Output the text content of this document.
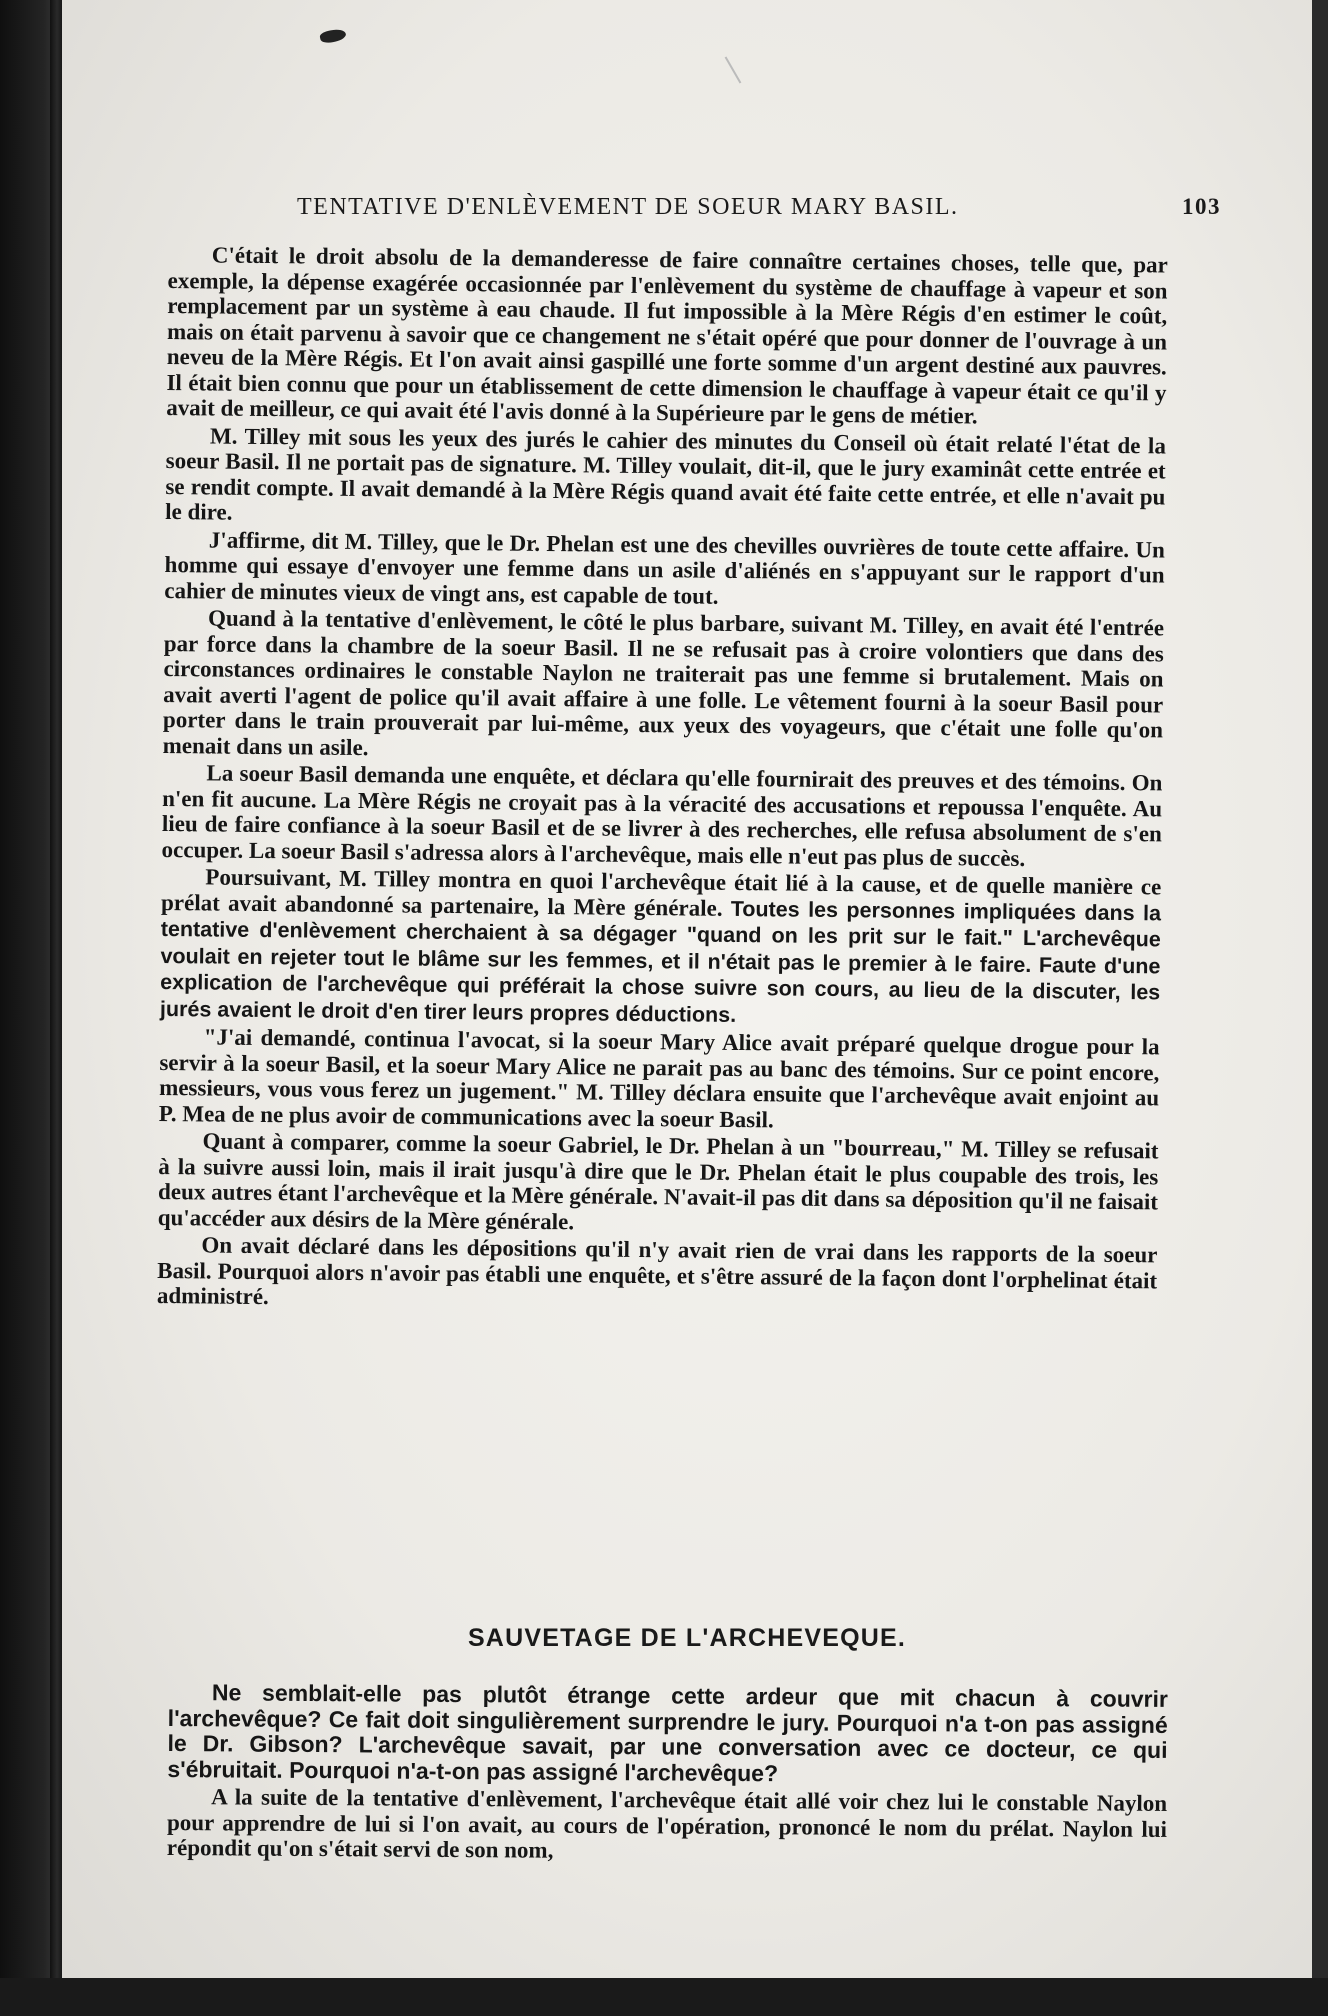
TENTATIVE D'ENLÈVEMENT DE SOEUR MARY BASIL.	103

C'était le droit absolu de la demanderesse de faire connaître certaines choses, telle que, par exemple, la dépense exagérée occasionnée par l'enlèvement du système de chauffage à vapeur et son remplacement par un système à eau chaude. Il fut impossible à la Mère Régis d'en estimer le coût, mais on était parvenu à savoir que ce changement ne s'était opéré que pour donner de l'ouvrage à un neveu de la Mère Régis. Et l'on avait ainsi gaspillé une forte somme d'un argent destiné aux pauvres. Il était bien connu que pour un établissement de cette dimension le chauffage à vapeur était ce qu'il y avait de meilleur, ce qui avait été l'avis donné à la Supérieure par le gens de métier.

M. Tilley mit sous les yeux des jurés le cahier des minutes du Conseil où était relaté l'état de la soeur Basil. Il ne portait pas de signature. M. Tilley voulait, dit-il, que le jury examinât cette entrée et se rendit compte. Il avait demandé à la Mère Régis quand avait été faite cette entrée, et elle n'avait pu le dire.

J'affirme, dit M. Tilley, que le Dr. Phelan est une des chevilles ouvrières de toute cette affaire. Un homme qui essaye d'envoyer une femme dans un asile d'aliénés en s'appuyant sur le rapport d'un cahier de minutes vieux de vingt ans, est capable de tout.

Quand à la tentative d'enlèvement, le côté le plus barbare, suivant M. Tilley, en avait été l'entrée par force dans la chambre de la soeur Basil. Il ne se refusait pas à croire volontiers que dans des circonstances ordinaires le constable Naylon ne traiterait pas une femme si brutalement. Mais on avait averti l'agent de police qu'il avait affaire à une folle. Le vêtement fourni à la soeur Basil pour porter dans le train prouverait par lui-même, aux yeux des voyageurs, que c'était une folle qu'on menait dans un asile.

La soeur Basil demanda une enquête, et déclara qu'elle fournirait des preuves et des témoins. On n'en fit aucune. La Mère Régis ne croyait pas à la véracité des accusations et repoussa l'enquête. Au lieu de faire confiance à la soeur Basil et de se livrer à des recherches, elle refusa absolument de s'en occuper. La soeur Basil s'adressa alors à l'archevêque, mais elle n'eut pas plus de succès.

Poursuivant, M. Tilley montra en quoi l'archevêque était lié à la cause, et de quelle manière ce prélat avait abandonné sa partenaire, la Mère générale. Toutes les personnes impliquées dans la tentative d'enlèvement cherchaient à sa dégager "quand on les prit sur le fait." L'archevêque voulait en rejeter tout le blâme sur les femmes, et il n'était pas le premier à le faire. Faute d'une explication de l'archevêque qui préférait la chose suivre son cours, au lieu de la discuter, les jurés avaient le droit d'en tirer leurs propres déductions.

"J'ai demandé, continua l'avocat, si la soeur Mary Alice avait préparé quelque drogue pour la servir à la soeur Basil, et la soeur Mary Alice ne parait pas au banc des témoins. Sur ce point encore, messieurs, vous vous ferez un jugement." M. Tilley déclara ensuite que l'archevêque avait enjoint au P. Mea de ne plus avoir de communications avec la soeur Basil.

Quant à comparer, comme la soeur Gabriel, le Dr. Phelan à un "bourreau," M. Tilley se refusait à la suivre aussi loin, mais il irait jusqu'à dire que le Dr. Phelan était le plus coupable des trois, les deux autres étant l'archevêque et la Mère générale. N'avait-il pas dit dans sa déposition qu'il ne faisait qu'accéder aux désirs de la Mère générale.

On avait déclaré dans les dépositions qu'il n'y avait rien de vrai dans les rapports de la soeur Basil. Pourquoi alors n'avoir pas établi une enquête, et s'être assuré de la façon dont l'orphelinat était administré.

SAUVETAGE DE L'ARCHEVEQUE.

Ne semblait-elle pas plutôt étrange cette ardeur que mit chacun à couvrir l'archevêque? Ce fait doit singulièrement surprendre le jury. Pourquoi n'a t-on pas assigné le Dr. Gibson? L'archevêque savait, par une conversation avec ce docteur, ce qui s'ébruitait. Pourquoi n'a-t-on pas assigné l'archevêque?

A la suite de la tentative d'enlèvement, l'archevêque était allé voir chez lui le constable Naylon pour apprendre de lui si l'on avait, au cours de l'opération, prononcé le nom du prélat. Naylon lui répondit qu'on s'était servi de son nom,
